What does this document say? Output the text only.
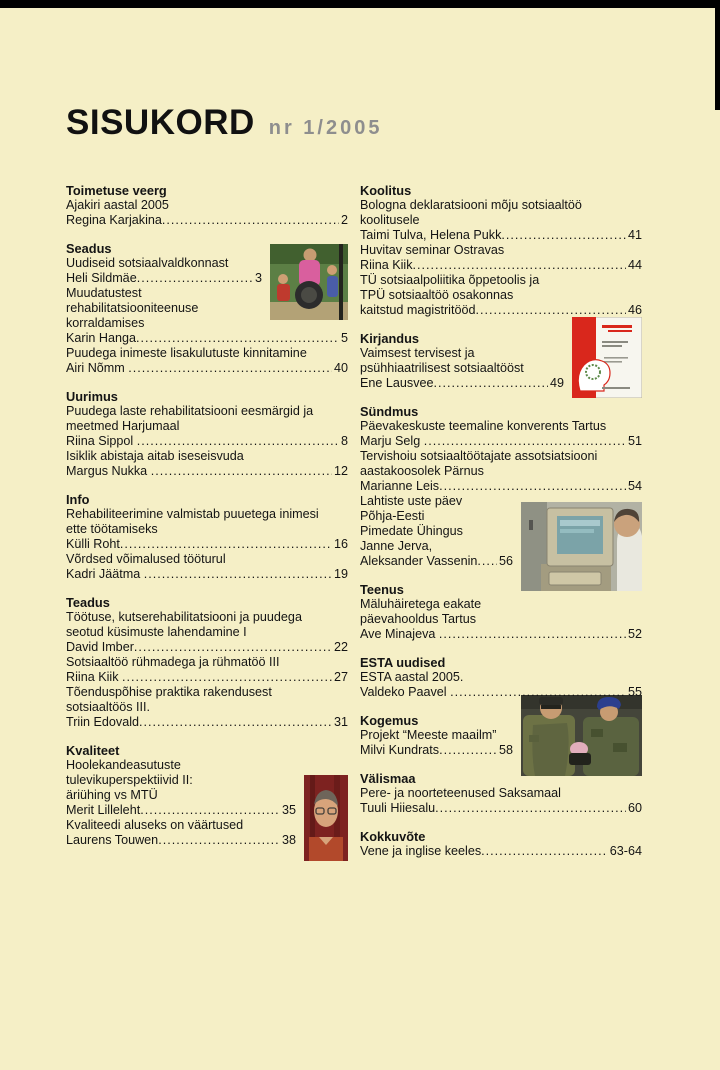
SISUKORD nr 1/2005
Toimetuse veerg
Ajakiri aastal 2005
Regina Karjakina .....	2
Seadus
Uudiseid sotsiaalvaldkonnast
Heli Sildmäe .....	3
Muudatustest
rehabilitatsiooniteenuse
korraldamises
Karin Hanga .....	5
Puudega inimeste lisakulutuste kinnitamine
Airi Nõmm .....	40
Uurimus
Puudega laste rehabilitatsiooni eesmärgid ja
meetmed Harjumaal
Riina Sippol .....	8
Isiklik abistaja aitab iseseisvuda
Margus Nukka .....	12
Info
Rehabiliteerimine valmistab puuetega inimesi
ette töötamiseks
Külli Roht .....	16
Võrdsed võimalused tööturul
Kadri Jäätma .....	19
Teadus
Töötuse, kutserehabilitatsiooni ja puudega
seotud küsimuste lahendamine I
David Imber .....	22
Sotsiaaltöö rühmadega ja rühmatöö III
Riina Kiik .....	27
Tõenduspõhise praktika rakendusest
sotsiaaltöös III.
Triin Edovald .....	31
Kvaliteet
Hoolekandeasutuste
tulevikuperspektiivid II:
äriühing vs MTÜ
Merit Lilleleht .....	35
Kvaliteedi aluseks on väärtused
Laurens Touwen .....	38
Koolitus
Bologna deklaratsiooni mõju sotsiaaltöö
koolitusele
Taimi Tulva, Helena Pukk .....	41
Huvitav seminar Ostravas
Riina Kiik .....	44
TÜ sotsiaalpoliitika õppetoolis ja
TPÜ sotsiaaltöö osakonnas
kaitstud magistritööd .....	46
Kirjandus
Vaimsest tervisest ja
psühhiaatrilisest sotsiaaltööst
Ene Lausvee .....	49
Sündmus
Päevakeskuste teemaline konverents Tartus
Marju Selg .....	51
Tervishoiu sotsiaaltöötajate assotsiatsiooni
aastakoosolek Pärnus
Marianne Leis .....	54
Lahtiste uste päev
Põhja-Eesti
Pimedate Ühingus
Janne Jerva,
Aleksander Vassenin ..... 56
Teenus
Mäluhäiretega eakate
päevahooldus Tartus
Ave Minajeva .....	52
ESTA uudised
ESTA aastal 2005.
Valdeko Paavel .....	55
Kogemus
Projekt “Meeste maailm”
Milvi Kundrats .....	58
Välismaa
Pere- ja noorteteenused Saksamaal
Tuuli Hiiesalu .....	60
Kokkuvõte
Vene ja inglise keeles .....	63-64
